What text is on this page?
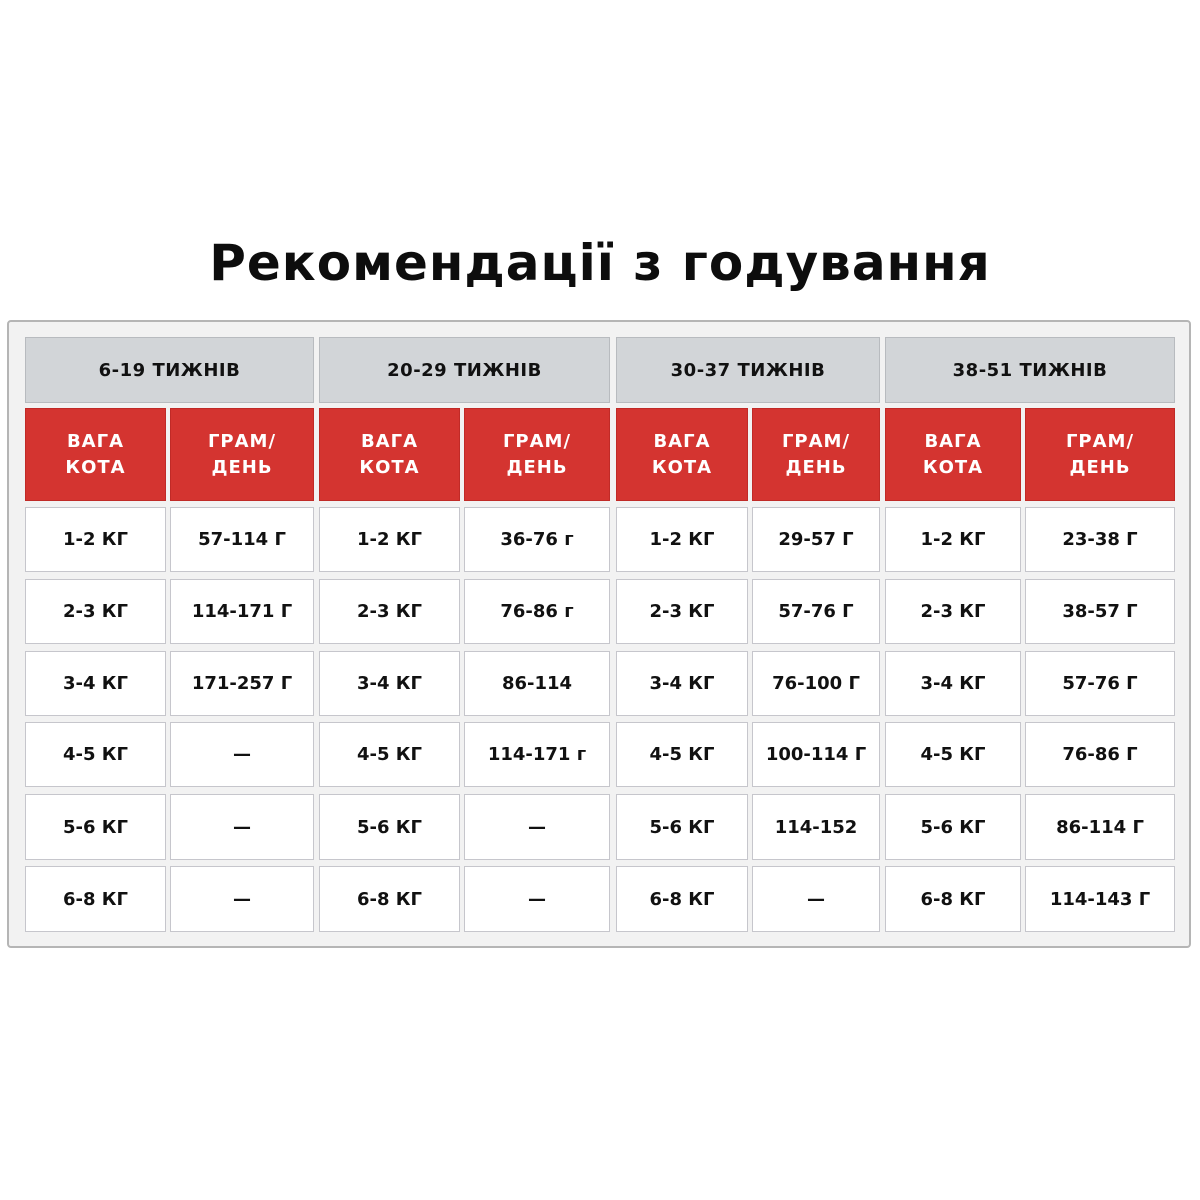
Рекомендації з годування
6-19 ТИЖНІВ
ВАГА
КОТА
ГРАМ/
ДЕНЬ
1-2 КГ	57-114 Г
2-3 КГ	114-171 Г
3-4 КГ	171-257 Г
4-5 КГ	—
5-6 КГ	—
6-8 КГ	—
20-29 ТИЖНІВ
ВАГА
КОТА
ГРАМ/
ДЕНЬ
1-2 КГ	36-76 г
2-3 КГ	76-86 г
3-4 КГ	86-114
4-5 КГ	114-171 г
5-6 КГ	—
6-8 КГ	—
30-37 ТИЖНІВ
ВАГА
КОТА
ГРАМ/
ДЕНЬ
1-2 КГ	29-57 Г
2-3 КГ	57-76 Г
3-4 КГ	76-100 Г
4-5 КГ	100-114 Г
5-6 КГ	114-152
6-8 КГ	—
38-51 ТИЖНІВ
ВАГА
КОТА
ГРАМ/
ДЕНЬ
1-2 КГ	23-38 Г
2-3 КГ	38-57 Г
3-4 КГ	57-76 Г
4-5 КГ	76-86 Г
5-6 КГ	86-114 Г
6-8 КГ	114-143 Г
